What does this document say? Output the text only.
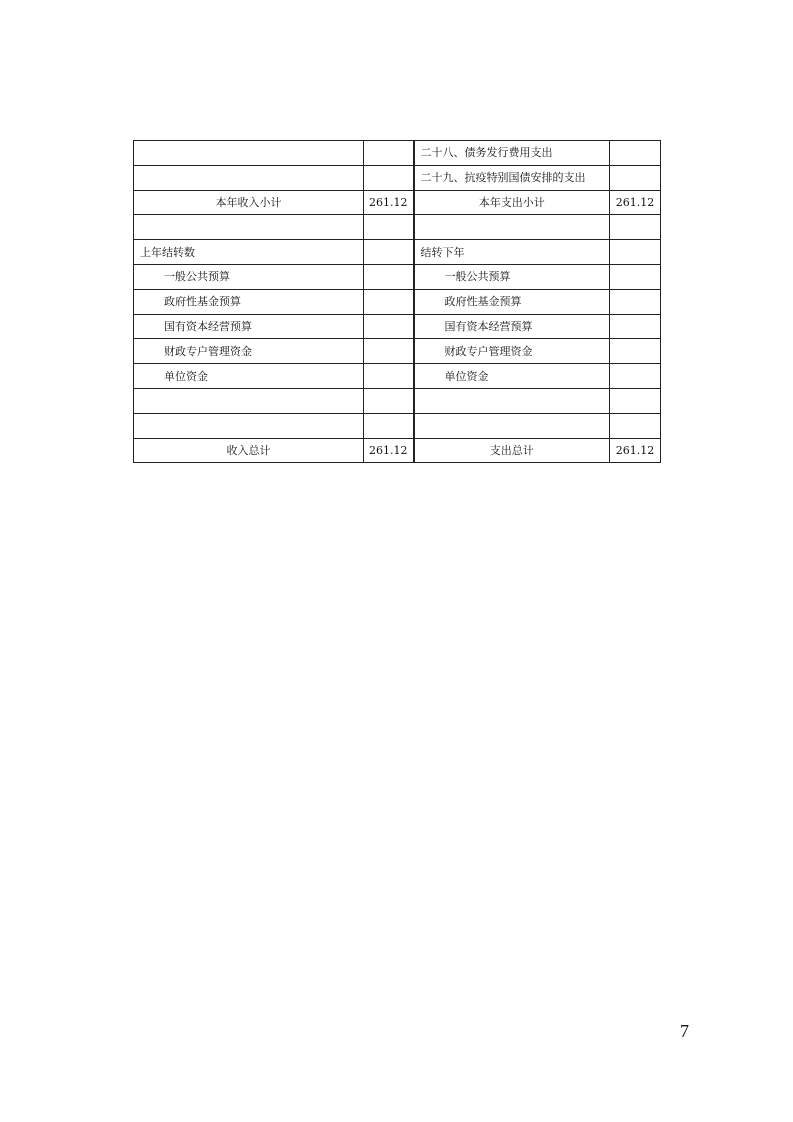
		二十八、债务发行费用支出	
		二十九、抗疫特别国债安排的支出	
本年收入小计	261.12	本年支出小计	261.12

上年结转数		结转下年	
一般公共预算		一般公共预算	
政府性基金预算		政府性基金预算	
国有资本经营预算		国有资本经营预算	
财政专户管理资金		财政专户管理资金	
单位资金		单位资金	

收入总计	261.12	支出总计	261.12
7
